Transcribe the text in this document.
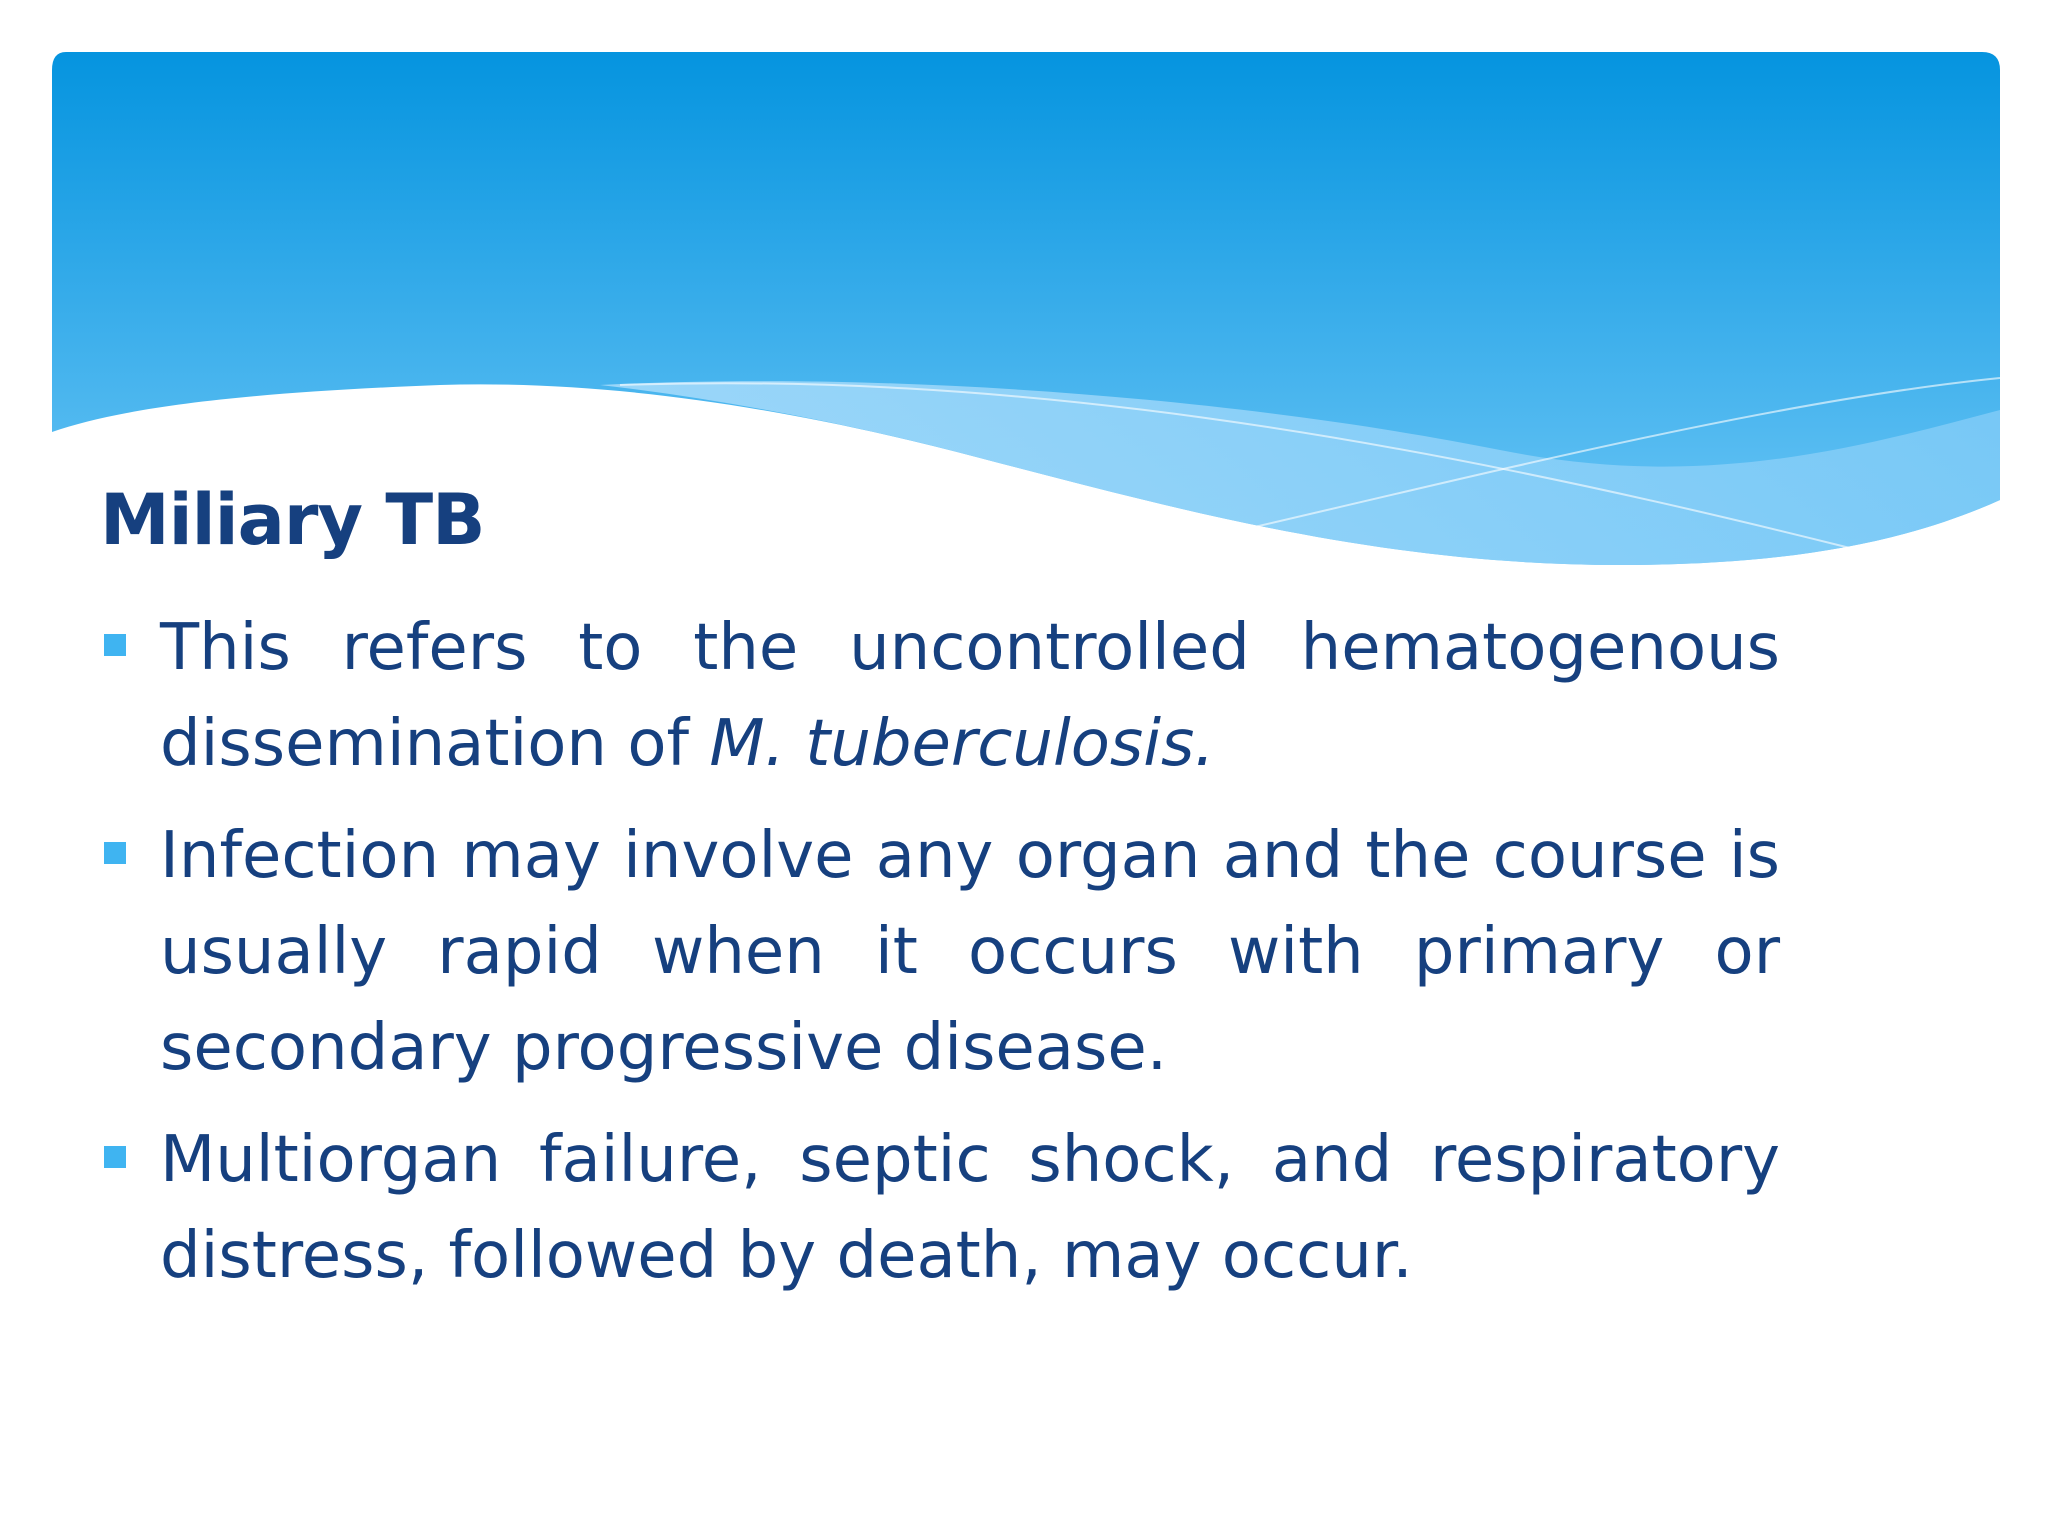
Miliary TB
This refers to the uncontrolled hematogenous dissemination of M. tuberculosis.
Infection may involve any organ and the course is usually rapid when it occurs with primary or secondary progressive disease.
Multiorgan failure, septic shock, and respiratory distress, followed by death, may occur.
